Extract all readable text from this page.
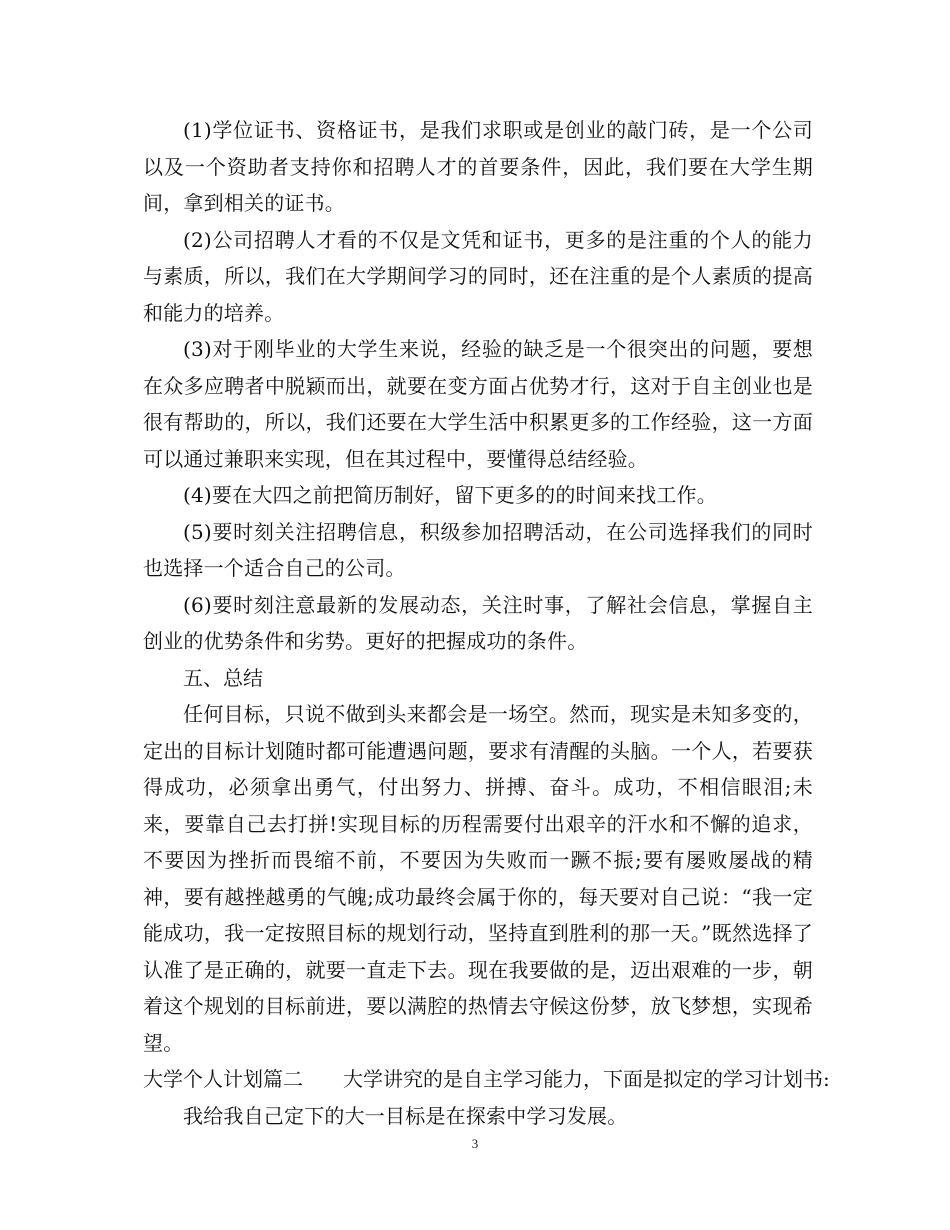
(1)学位证书、资格证书，是我们求职或是创业的敲门砖，是一个公司以及一个资助者支持你和招聘人才的首要条件，因此，我们要在大学生期间，拿到相关的证书。

(2)公司招聘人才看的不仅是文凭和证书，更多的是注重的个人的能力与素质，所以，我们在大学期间学习的同时，还在注重的是个人素质的提高和能力的培养。

(3)对于刚毕业的大学生来说，经验的缺乏是一个很突出的问题，要想在众多应聘者中脱颖而出，就要在变方面占优势才行，这对于自主创业也是很有帮助的，所以，我们还要在大学生活中积累更多的工作经验，这一方面可以通过兼职来实现，但在其过程中，要懂得总结经验。

(4)要在大四之前把简历制好，留下更多的的时间来找工作。

(5)要时刻关注招聘信息，积级参加招聘活动，在公司选择我们的同时也选择一个适合自己的公司。

(6)要时刻注意最新的发展动态，关注时事，了解社会信息，掌握自主创业的优势条件和劣势。更好的把握成功的条件。

五、总结

任何目标，只说不做到头来都会是一场空。然而，现实是未知多变的，定出的目标计划随时都可能遭遇问题，要求有清醒的头脑。一个人，若要获得成功，必须拿出勇气，付出努力、拼搏、奋斗。成功，不相信眼泪;未来，要靠自己去打拼!实现目标的历程需要付出艰辛的汗水和不懈的追求，不要因为挫折而畏缩不前，不要因为失败而一蹶不振;要有屡败屡战的精神，要有越挫越勇的气魄;成功最终会属于你的，每天要对自己说：“我一定能成功，我一定按照目标的规划行动，坚持直到胜利的那一天。”既然选择了认准了是正确的，就要一直走下去。现在我要做的是，迈出艰难的一步，朝着这个规划的目标前进，要以满腔的热情去守候这份梦，放飞梦想，实现希望。

大学个人计划篇二 大学讲究的是自主学习能力，下面是拟定的学习计划书:

我给我自己定下的大一目标是在探索中学习发展。

3
